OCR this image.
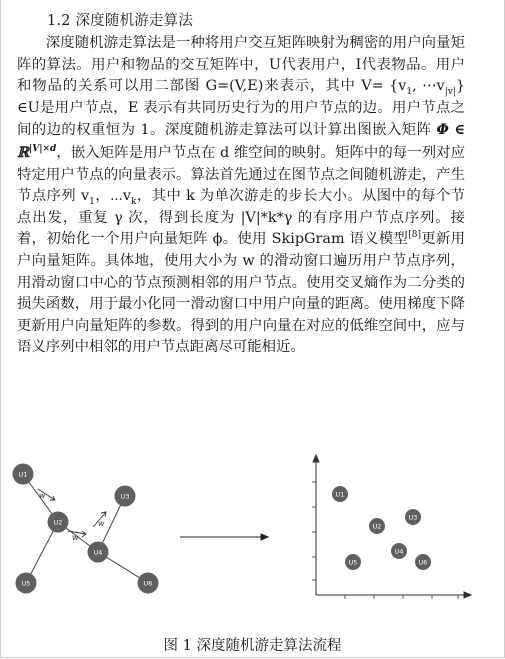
1.2 深度随机游走算法

深度随机游走算法是一种将用户交互矩阵映射为稠密的用户向量矩阵的算法。用户和物品的交互矩阵中，U代表用户，I代表物品。用户和物品的关系可以用二部图 G=(V,E)来表示，其中 $V= \{v_1$, $\cdots v_{|v|}\}\in U$是用户节点，E 表示有共同历史行为的用户节点的边。用户节点之间的边的权重恒为 1。深度随机游走算法可以计算出图嵌入矩阵 Φ ∈ ℝ$^{|V|\times d}$，嵌入矩阵是用户节点在 d 维空间的映射。矩阵中的每一列对应特定用户节点的向量表示。算法首先通过在图节点之间随机游走，产生节点序列 $v_1$，$\cdots v_k$，其中 k 为单次游走的步长大小。从图中的每个节点出发，重复 γ 次，得到长度为 |V|*k*γ 的有序用户节点序列。接着，初始化一个用户向量矩阵 ϕ。使用 SkipGram 语义模型[8]更新用户向量矩阵。具体地，使用大小为 w 的滑动窗口遍历用户节点序列，用滑动窗口中心的节点预测相邻的用户节点。使用交叉熵作为二分类的损失函数，用于最小化同一滑动窗口中用户向量的距离。使用梯度下降更新用户向量矩阵的参数。得到的用户向量在对应的低维空间中，应与语义序列中相邻的用户节点距离尽可能相近。

w
w
w
U1
U2
U3
U4
U5	U6
U1
U2
U3
U4
U5	U6
图 1 深度随机游走算法流程
